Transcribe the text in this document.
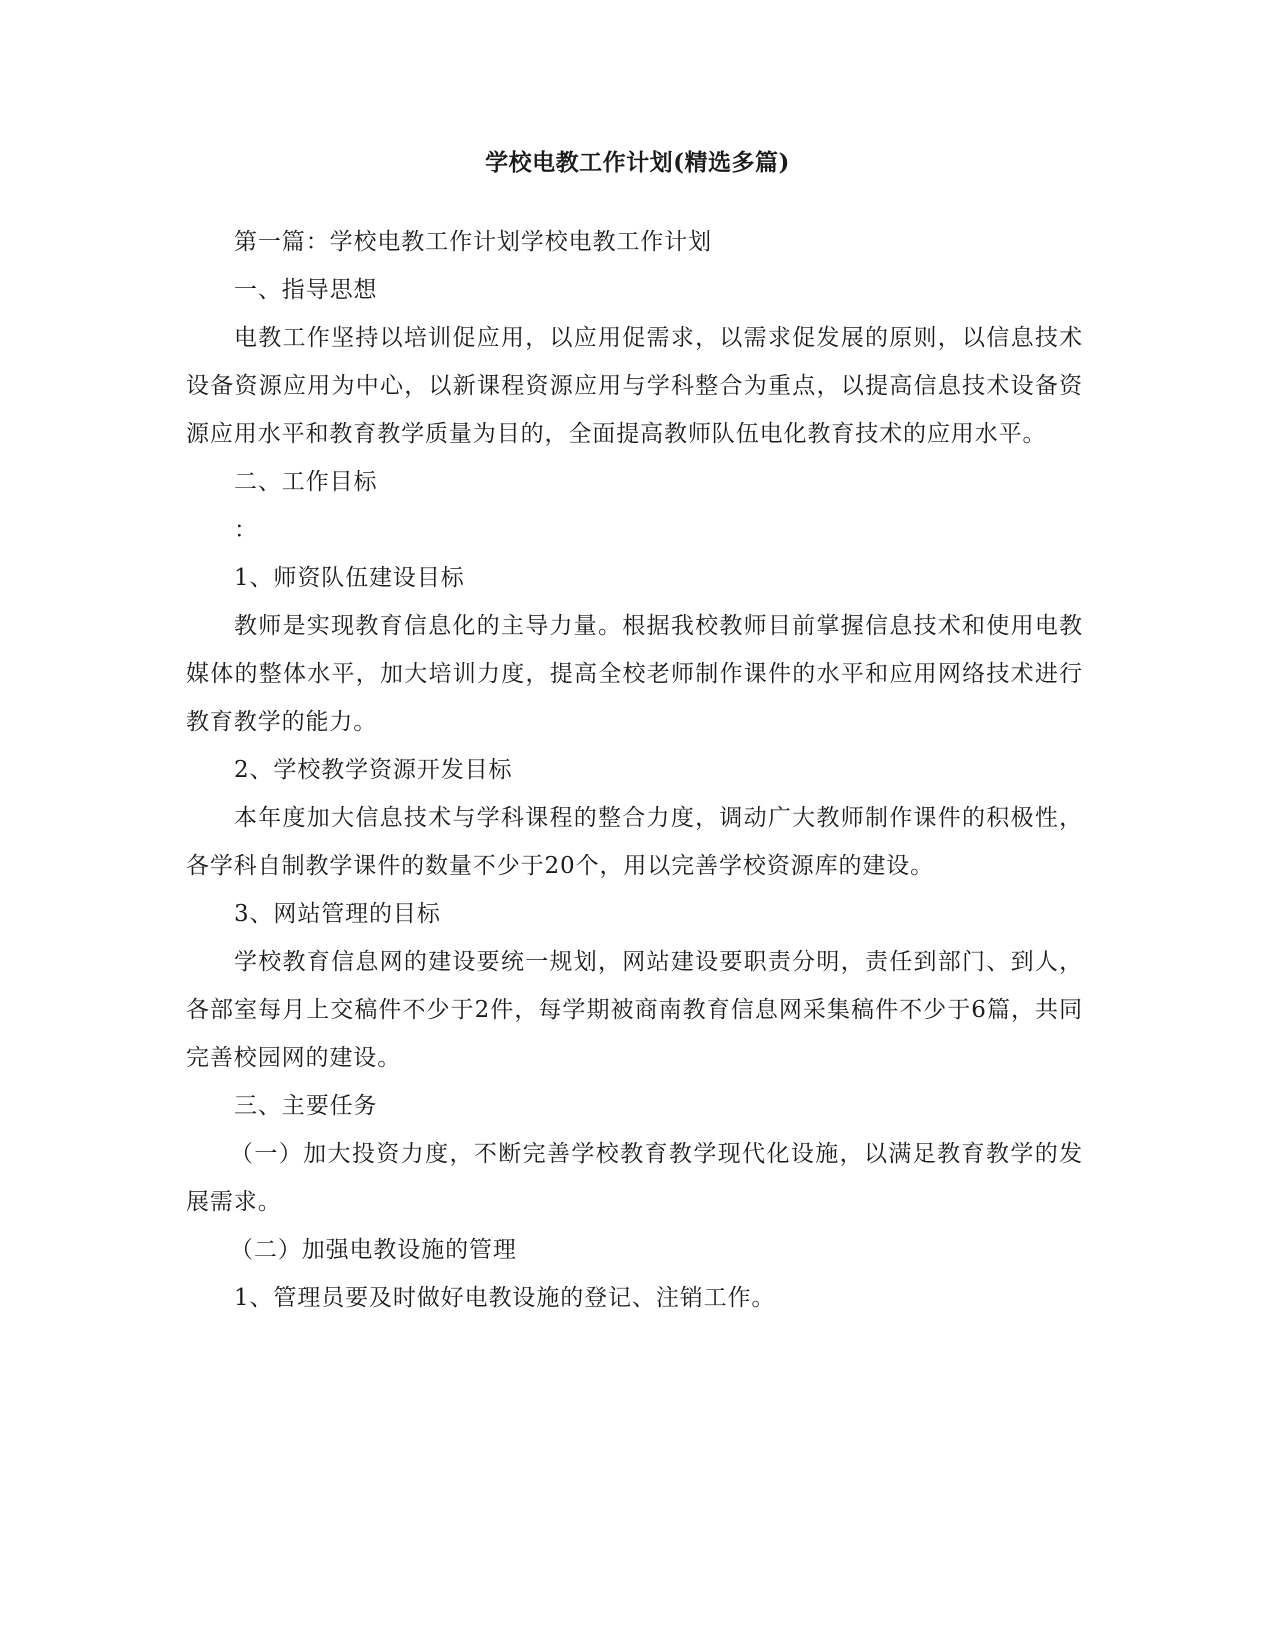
学校电教工作计划(精选多篇)

第一篇：学校电教工作计划学校电教工作计划

一、指导思想

电教工作坚持以培训促应用，以应用促需求，以需求促发展的原则，以信息技术设备资源应用为中心，以新课程资源应用与学科整合为重点，以提高信息技术设备资源应用水平和教育教学质量为目的，全面提高教师队伍电化教育技术的应用水平。

二、工作目标

：

1、师资队伍建设目标

教师是实现教育信息化的主导力量。根据我校教师目前掌握信息技术和使用电教媒体的整体水平，加大培训力度，提高全校老师制作课件的水平和应用网络技术进行教育教学的能力。

2、学校教学资源开发目标

本年度加大信息技术与学科课程的整合力度，调动广大教师制作课件的积极性，各学科自制教学课件的数量不少于20个，用以完善学校资源库的建设。

3、网站管理的目标

学校教育信息网的建设要统一规划，网站建设要职责分明，责任到部门、到人，各部室每月上交稿件不少于2件，每学期被商南教育信息网采集稿件不少于6篇，共同完善校园网的建设。

三、主要任务

（一）加大投资力度，不断完善学校教育教学现代化设施，以满足教育教学的发展需求。

（二）加强电教设施的管理

1、管理员要及时做好电教设施的登记、注销工作。
